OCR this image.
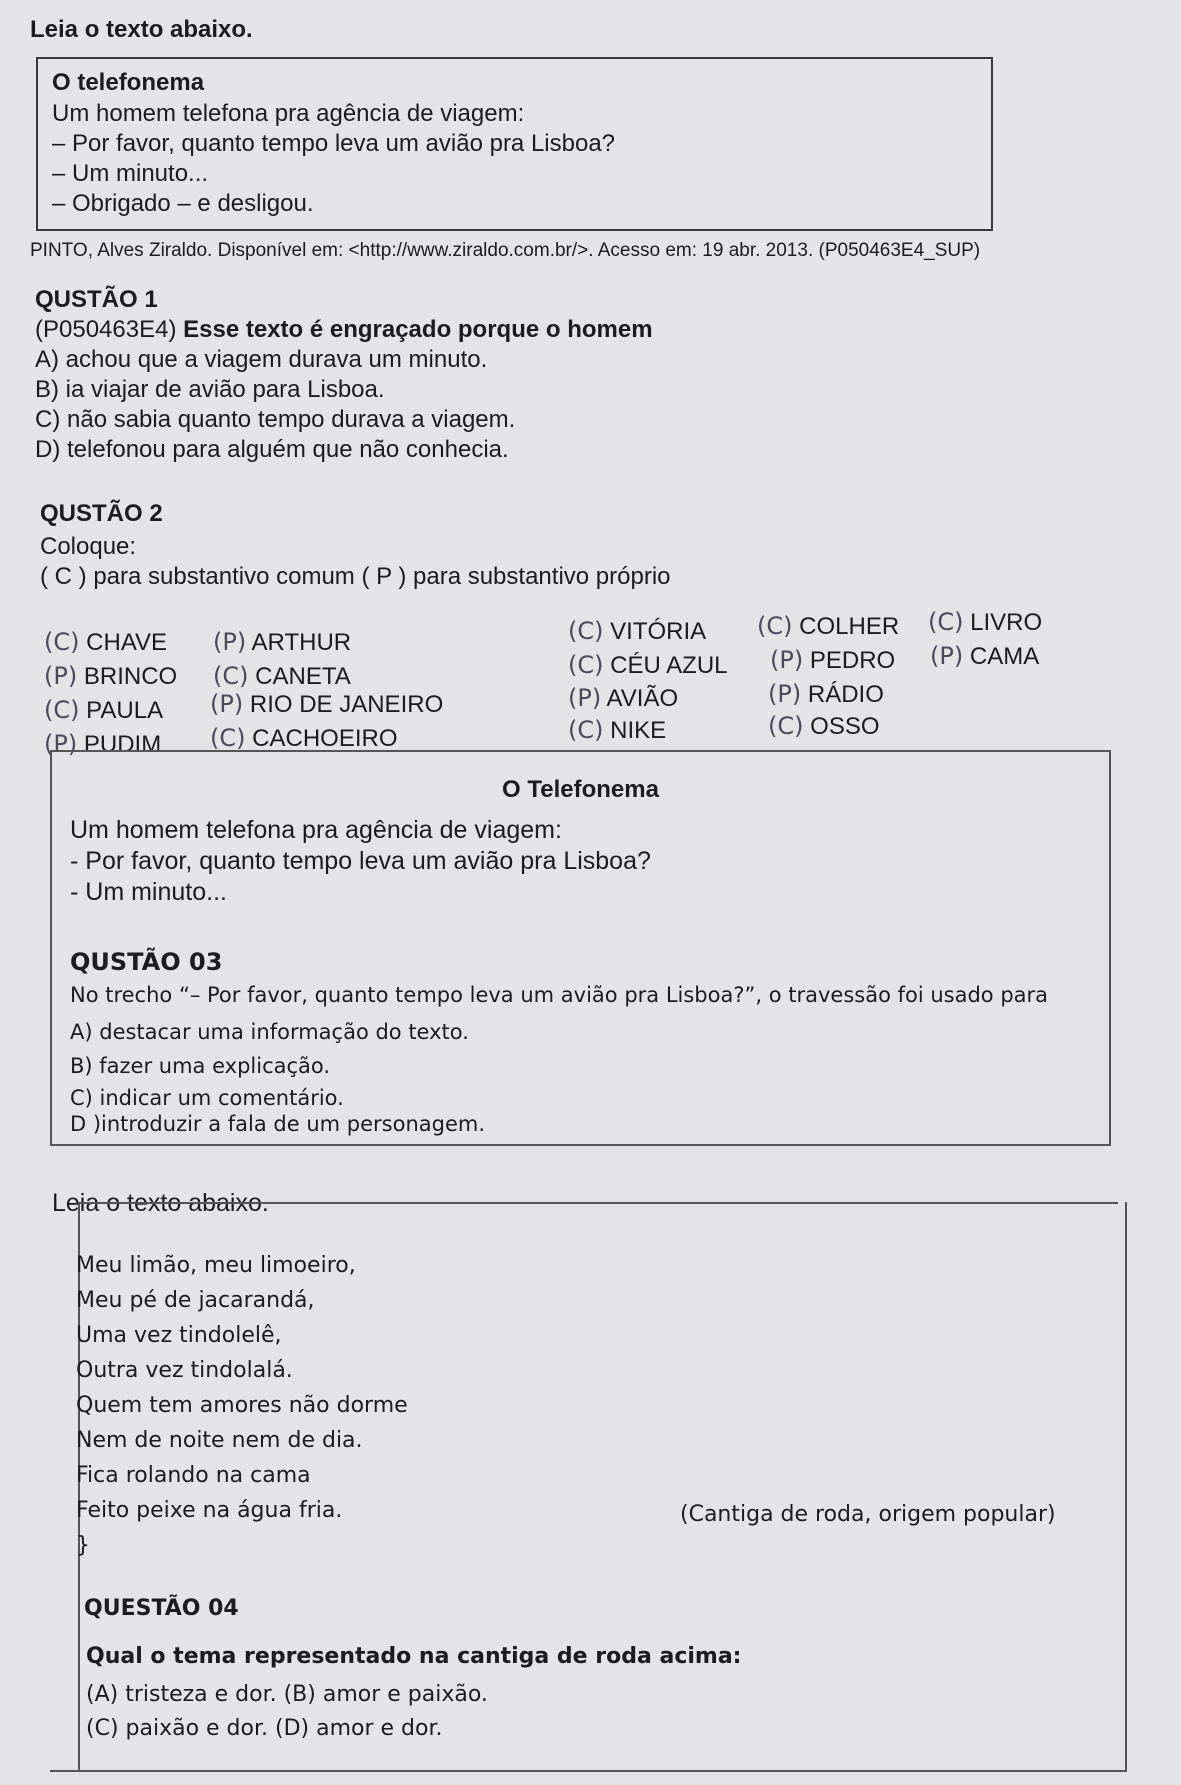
Leia o texto abaixo.
O telefonema
Um homem telefona pra agência de viagem:
– Por favor, quanto tempo leva um avião pra Lisboa?
– Um minuto...
– Obrigado – e desligou.
PINTO, Alves Ziraldo. Disponível em: <http://www.ziraldo.com.br/>. Acesso em: 19 abr. 2013. (P050463E4_SUP)
QUSTÃO 1
(P050463E4) Esse texto é engraçado porque o homem
A) achou que a viagem durava um minuto.
B) ia viajar de avião para Lisboa.
C) não sabia quanto tempo durava a viagem.
D) telefonou para alguém que não conhecia.
QUSTÃO 2
Coloque:
( C ) para substantivo comum ( P ) para substantivo próprio
(C) CHAVE (P) ARTHUR	(C) VITÓRIA (C) COLHER (C) LIVRO
(P) BRINCO (C) CANETA	(C) CÉU AZUL (P) PEDRO (P) CAMA
(C) PAULA (P) RIO DE JANEIRO	(P) AVIÃO	(P) RÁDIO
(P) PUDIM (C) CACHOEIRO	(C) NIKE	(C) OSSO
O Telefonema
Um homem telefona pra agência de viagem:
- Por favor, quanto tempo leva um avião pra Lisboa?
- Um minuto...
QUSTÃO 03
No trecho “– Por favor, quanto tempo leva um avião pra Lisboa?”, o travessão foi usado para
A) destacar uma informação do texto.
B) fazer uma explicação.
C) indicar um comentário.
D )introduzir a fala de um personagem.
Leia o texto abaixo.
Meu limão, meu limoeiro,
Meu pé de jacarandá,
Uma vez tindolelê,
Outra vez tindolalá.
Quem tem amores não dorme
Nem de noite nem de dia.
Fica rolando na cama
Feito peixe na água fria.
}
(Cantiga de roda, origem popular)
QUESTÃO 04
Qual o tema representado na cantiga de roda acima:
(A) tristeza e dor. (B) amor e paixão.
(C) paixão e dor. (D) amor e dor.
